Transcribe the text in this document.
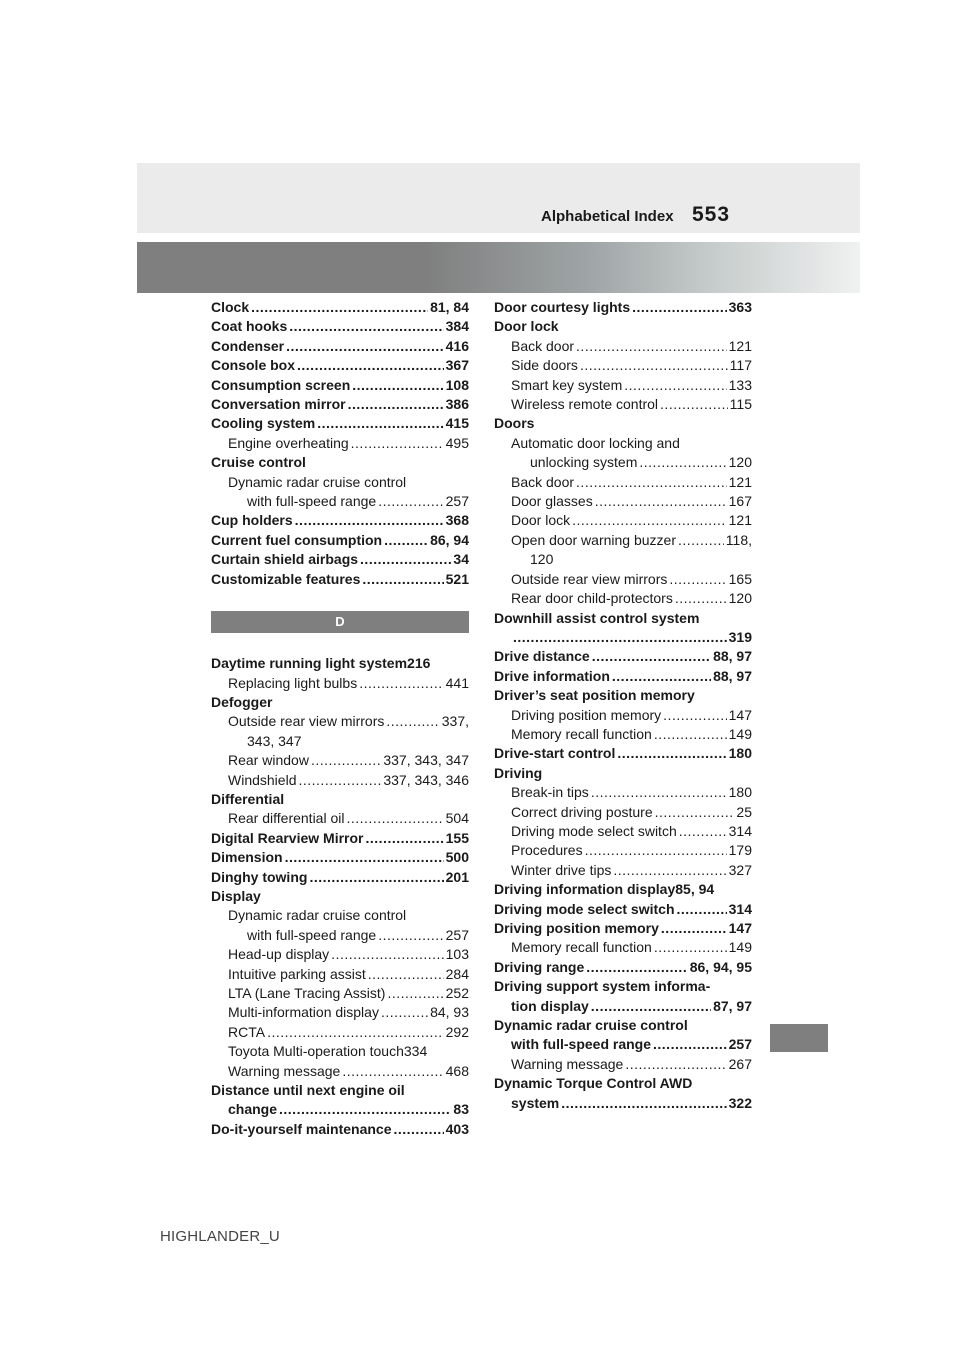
Alphabetical Index 553
Clock .....	81, 84
Coat hooks .....	384
Condenser .....	416
Console box .....	367
Consumption screen .....	108
Conversation mirror .....	386
Cooling system .....	415
Engine overheating .....	495
Cruise control
Dynamic radar cruise control
with full-speed range .....	257
Cup holders .....	368
Current fuel consumption .....	86, 94
Curtain shield airbags .....	34
Customizable features .....	521
D
Daytime running light system 216
Replacing light bulbs .....	441
Defogger
Outside rear view mirrors .....	337,
343, 347
Rear window .....	337, 343, 347
Windshield .....	337, 343, 346
Differential
Rear differential oil .....	504
Digital Rearview Mirror .....	155
Dimension .....	500
Dinghy towing .....	201
Display
Dynamic radar cruise control
with full-speed range .....	257
Head-up display .....	103
Intuitive parking assist .....	284
LTA (Lane Tracing Assist) .....	252
Multi-information display .....	84, 93
RCTA .....	292
Toyota Multi-operation touch 334
Warning message .....	468
Distance until next engine oil
change .....	83
Do-it-yourself maintenance .....	403
Door courtesy lights .....	363
Door lock
Back door .....	121
Side doors .....	117
Smart key system .....	133
Wireless remote control .....	115
Doors
Automatic door locking and
unlocking system .....	120
Back door .....	121
Door glasses .....	167
Door lock .....	121
Open door warning buzzer .....	118,
120
Outside rear view mirrors .....	165
Rear door child-protectors .....	120
Downhill assist control system
.....
319
Drive distance .....	88, 97
Drive information .....	88, 97
Driver’s seat position memory
Driving position memory .....	147
Memory recall function .....	149
Drive-start control .....	180
Driving
Break-in tips .....	180
Correct driving posture .....	25
Driving mode select switch .....	314
Procedures .....	179
Winter drive tips .....	327
Driving information display 85, 94
Driving mode select switch .....	314
Driving position memory .....	147
Memory recall function .....	149
Driving range .....	86, 94, 95
Driving support system informa-
tion display .....	87, 97
Dynamic radar cruise control
with full-speed range .....	257
Warning message .....	267
Dynamic Torque Control AWD
system .....	322
HIGHLANDER_U
